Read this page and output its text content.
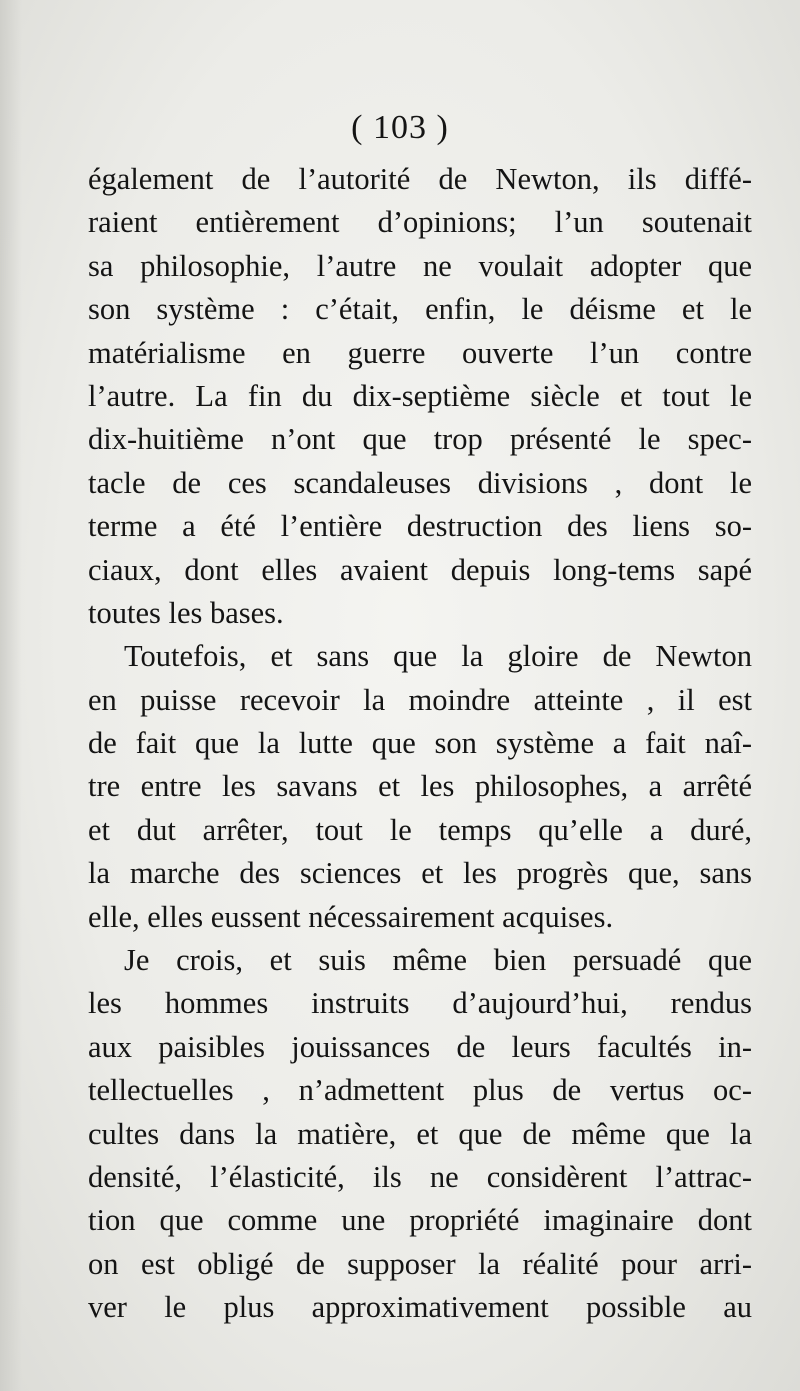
( 103 )
également de l’autorité de Newton, ils diffé-
raient entièrement d’opinions; l’un soutenait
sa philosophie, l’autre ne voulait adopter que
son système : c’était, enfin, le déisme et le
matérialisme en guerre ouverte l’un contre
l’autre. La fin du dix-septième siècle et tout le
dix-huitième n’ont que trop présenté le spec-
tacle de ces scandaleuses divisions , dont le
terme a été l’entière destruction des liens so-
ciaux, dont elles avaient depuis long-tems sapé
toutes les bases.
Toutefois, et sans que la gloire de Newton
en puisse recevoir la moindre atteinte , il est
de fait que la lutte que son système a fait naî-
tre entre les savans et les philosophes, a arrêté
et dut arrêter, tout le temps qu’elle a duré,
la marche des sciences et les progrès que, sans
elle, elles eussent nécessairement acquises.
Je crois, et suis même bien persuadé que
les hommes instruits d’aujourd’hui, rendus
aux paisibles jouissances de leurs facultés in-
tellectuelles , n’admettent plus de vertus oc-
cultes dans la matière, et que de même que la
densité, l’élasticité, ils ne considèrent l’attrac-
tion que comme une propriété imaginaire dont
on est obligé de supposer la réalité pour arri-
ver le plus approximativement possible au
